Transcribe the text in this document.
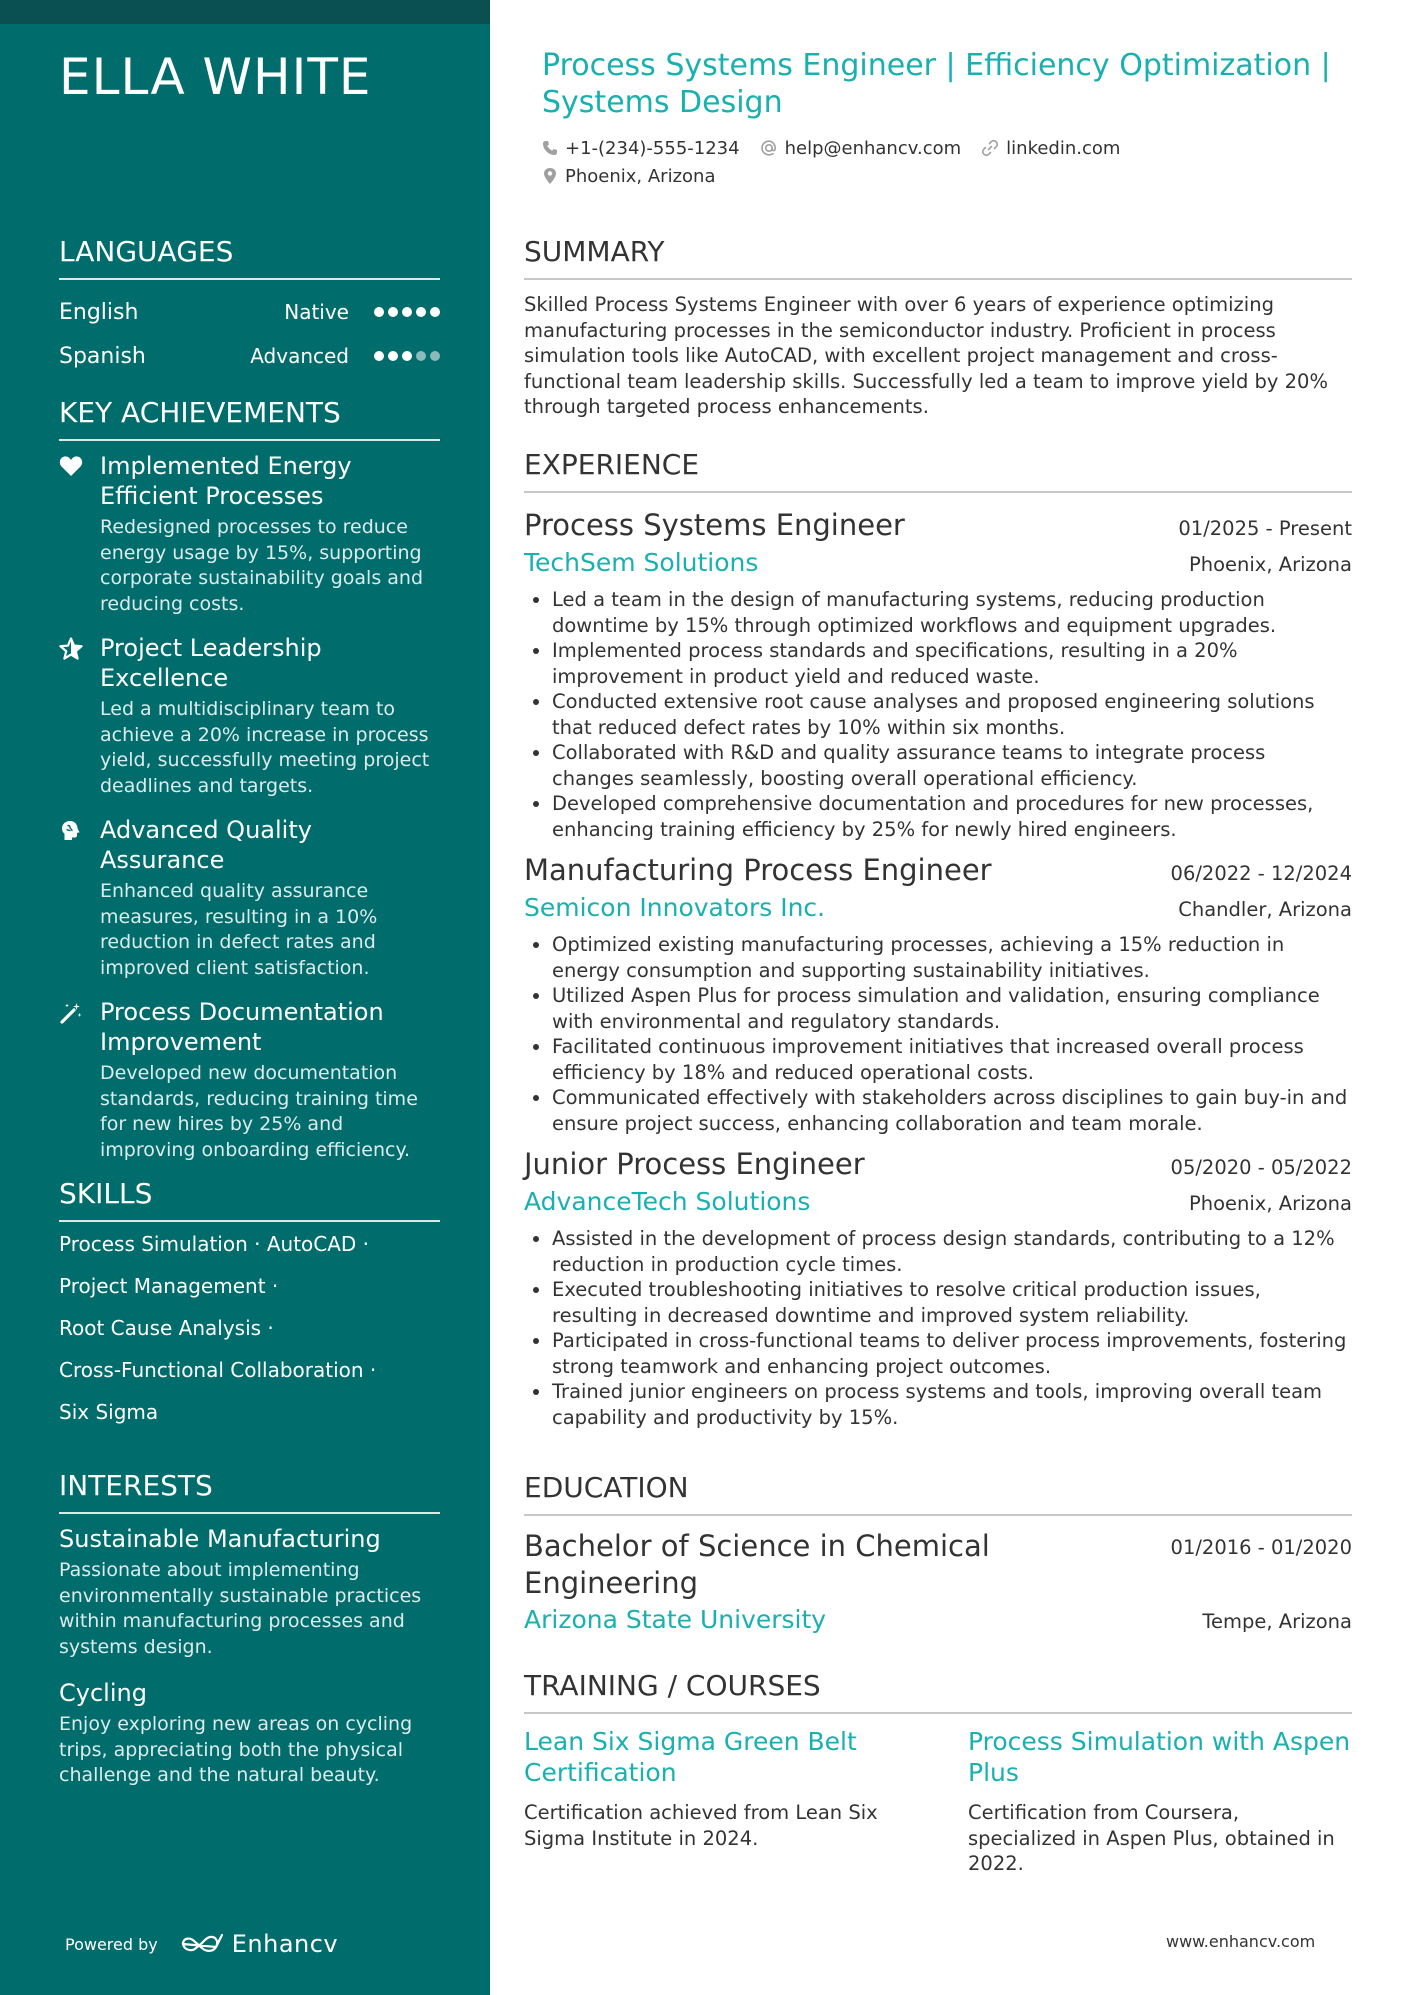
ELLA WHITE
LANGUAGES
English	Native
Spanish	Advanced
KEY ACHIEVEMENTS
Implemented Energy Efficient Processes
Redesigned processes to reduce energy usage by 15%, supporting corporate sustainability goals and reducing costs.
Project Leadership Excellence
Led a multidisciplinary team to achieve a 20% increase in process yield, successfully meeting project deadlines and targets.
Advanced Quality Assurance
Enhanced quality assurance measures, resulting in a 10% reduction in defect rates and improved client satisfaction.
Process Documentation Improvement
Developed new documentation standards, reducing training time for new hires by 25% and improving onboarding efficiency.
SKILLS
Process Simulation · AutoCAD ·
Project Management ·
Root Cause Analysis ·
Cross-Functional Collaboration ·
Six Sigma
INTERESTS
Sustainable Manufacturing
Passionate about implementing environmentally sustainable practices within manufacturing processes and systems design.
Cycling
Enjoy exploring new areas on cycling trips, appreciating both the physical challenge and the natural beauty.
Powered by	Enhancv
Process Systems Engineer | Efficiency Optimization | Systems Design
+1-(234)-555-1234	help@enhancv.com	linkedin.com
Phoenix, Arizona
SUMMARY
Skilled Process Systems Engineer with over 6 years of experience optimizing manufacturing processes in the semiconductor industry. Proficient in process simulation tools like AutoCAD, with excellent project management and cross-functional team leadership skills. Successfully led a team to improve yield by 20% through targeted process enhancements.
EXPERIENCE
Process Systems Engineer	01/2025 - Present
TechSem Solutions	Phoenix, Arizona
Led a team in the design of manufacturing systems, reducing production downtime by 15% through optimized workflows and equipment upgrades.
Implemented process standards and specifications, resulting in a 20% improvement in product yield and reduced waste.
Conducted extensive root cause analyses and proposed engineering solutions that reduced defect rates by 10% within six months.
Collaborated with R&D and quality assurance teams to integrate process changes seamlessly, boosting overall operational efficiency.
Developed comprehensive documentation and procedures for new processes, enhancing training efficiency by 25% for newly hired engineers.
Manufacturing Process Engineer	06/2022 - 12/2024
Semicon Innovators Inc.	Chandler, Arizona
Optimized existing manufacturing processes, achieving a 15% reduction in energy consumption and supporting sustainability initiatives.
Utilized Aspen Plus for process simulation and validation, ensuring compliance with environmental and regulatory standards.
Facilitated continuous improvement initiatives that increased overall process efficiency by 18% and reduced operational costs.
Communicated effectively with stakeholders across disciplines to gain buy-in and ensure project success, enhancing collaboration and team morale.
Junior Process Engineer	05/2020 - 05/2022
AdvanceTech Solutions	Phoenix, Arizona
Assisted in the development of process design standards, contributing to a 12% reduction in production cycle times.
Executed troubleshooting initiatives to resolve critical production issues, resulting in decreased downtime and improved system reliability.
Participated in cross-functional teams to deliver process improvements, fostering strong teamwork and enhancing project outcomes.
Trained junior engineers on process systems and tools, improving overall team capability and productivity by 15%.
EDUCATION
Bachelor of Science in Chemical Engineering
01/2016 - 01/2020
Arizona State University	Tempe, Arizona
TRAINING / COURSES
Lean Six Sigma Green Belt Certification
Certification achieved from Lean Six Sigma Institute in 2024.
Process Simulation with Aspen Plus
Certification from Coursera, specialized in Aspen Plus, obtained in 2022.
www.enhancv.com
